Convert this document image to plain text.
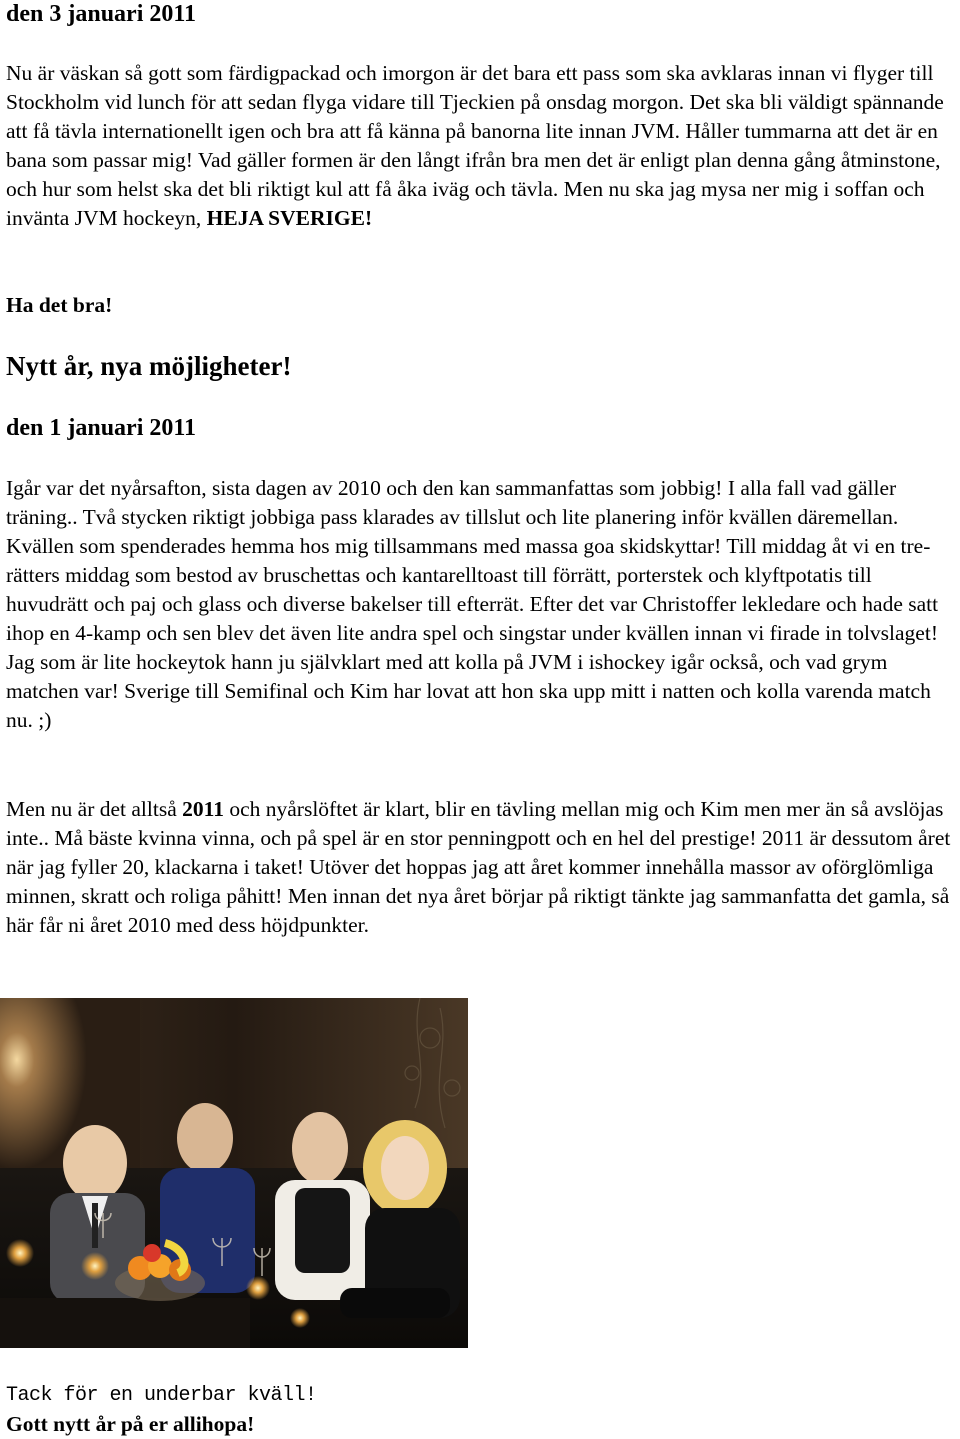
den 3 januari 2011

Nu är väskan så gott som färdigpackad och imorgon är det bara ett pass som ska avklaras innan vi flyger till Stockholm vid lunch för att sedan flyga vidare till Tjeckien på onsdag morgon. Det ska bli väldigt spännande att få tävla internationellt igen och bra att få känna på banorna lite innan JVM. Håller tummarna att det är en bana som passar mig! Vad gäller formen är den långt ifrån bra men det är enligt plan denna gång åtminstone, och hur som helst ska det bli riktigt kul att få åka iväg och tävla. Men nu ska jag mysa ner mig i soffan och invänta JVM hockeyn, HEJA SVERIGE!

Ha det bra!

Nytt år, nya möjligheter!

den 1 januari 2011

Igår var det nyårsafton, sista dagen av 2010 och den kan sammanfattas som jobbig! I alla fall vad gäller träning.. Två stycken riktigt jobbiga pass klarades av tillslut och lite planering inför kvällen däremellan. Kvällen som spenderades hemma hos mig tillsammans med massa goa skidskyttar! Till middag åt vi en tre-rätters middag som bestod av bruschettas och kantarelltoast till förrätt, porterstek och klyftpotatis till huvudrätt och paj och glass och diverse bakelser till efterrät. Efter det var Christoffer lekledare och hade satt ihop en 4-kamp och sen blev det även lite andra spel och singstar under kvällen innan vi firade in tolvslaget! Jag som är lite hockeytok hann ju självklart med att kolla på JVM i ishockey igår också, och vad grym matchen var! Sverige till Semifinal och Kim har lovat att hon ska upp mitt i natten och kolla varenda match nu. ;)

Men nu är det alltså 2011 och nyårslöftet är klart, blir en tävling mellan mig och Kim men mer än så avslöjas inte.. Må bäste kvinna vinna, och på spel är en stor penningpott och en hel del prestige! 2011 är dessutom året när jag fyller 20, klackarna i taket! Utöver det hoppas jag att året kommer innehålla massor av oförglömliga minnen, skratt och roliga påhitt! Men innan det nya året börjar på riktigt tänkte jag sammanfatta det gamla, så här får ni året 2010 med dess höjdpunkter.

Tack för en underbar kväll!

Gott nytt år på er allihopa!
